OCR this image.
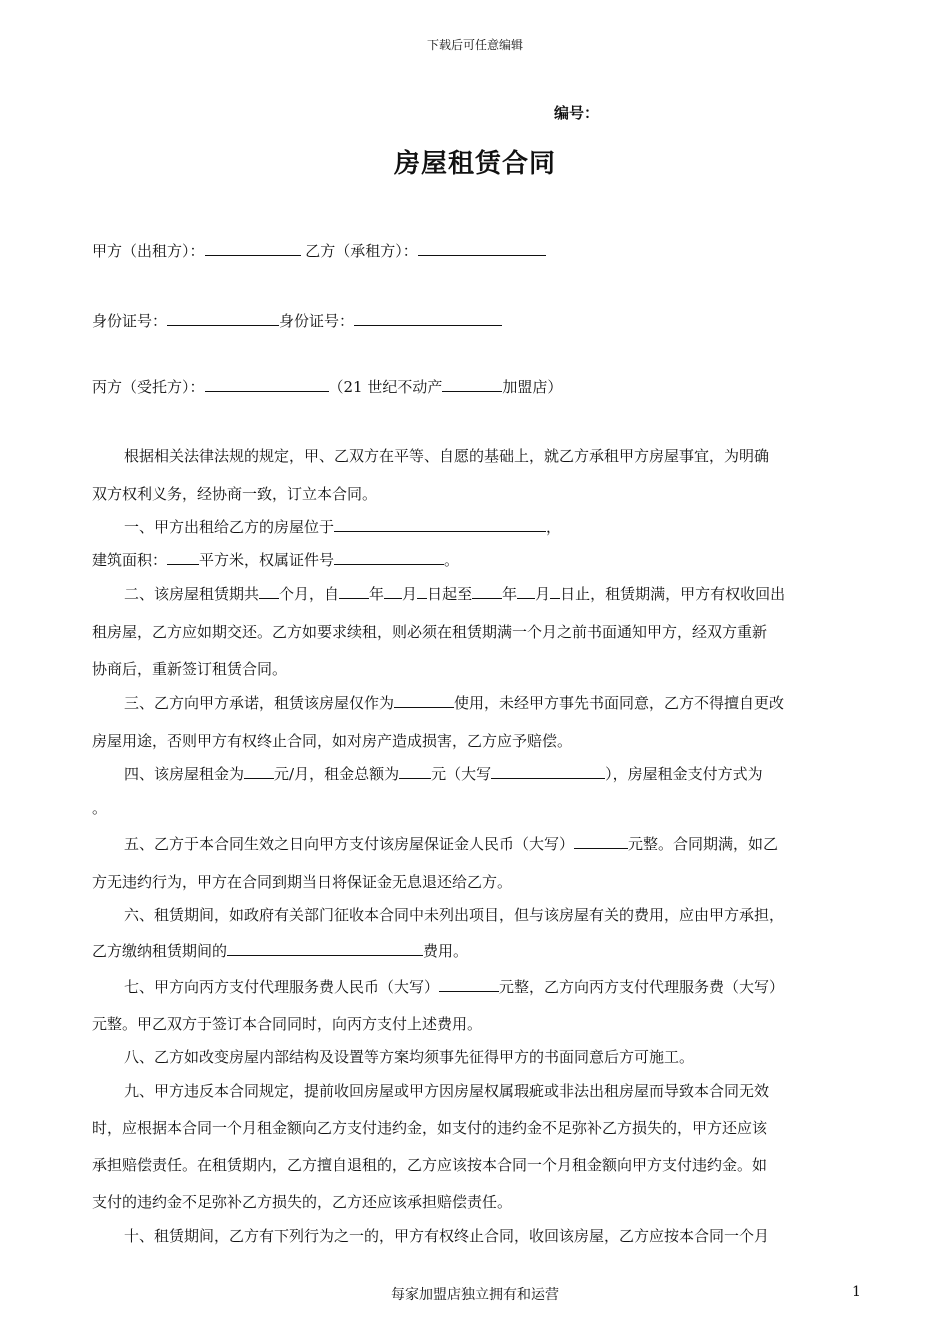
下载后可任意编辑
编号：
房屋租赁合同
甲方（出租方）：	乙方（承租方）：
身份证号：	身份证号：
丙方（受托方）：	（21 世纪不动产	加盟店）
根据相关法律法规的规定，甲、乙双方在平等、自愿的基础上，就乙方承租甲方房屋事宜，为明确
双方权利义务，经协商一致，订立本合同。
一、甲方出租给乙方的房屋位于	，
建筑面积： 平方米，权属证件号	。
二、该房屋租赁期共 个月，自 年 月 日起至 年 月 日止，租赁期满，甲方有权收回出
租房屋，乙方应如期交还。乙方如要求续租，则必须在租赁期满一个月之前书面通知甲方，经双方重新
协商后，重新签订租赁合同。
三、乙方向甲方承诺，租赁该房屋仅作为	使用，未经甲方事先书面同意，乙方不得擅自更改
房屋用途，否则甲方有权终止合同，如对房产造成损害，乙方应予赔偿。
四、该房屋租金为 元/月，租金总额为 元（大写	），房屋租金支付方式为
。
五、乙方于本合同生效之日向甲方支付该房屋保证金人民币（大写）	元整。合同期满，如乙
方无违约行为，甲方在合同到期当日将保证金无息退还给乙方。
六、租赁期间，如政府有关部门征收本合同中未列出项目，但与该房屋有关的费用，应由甲方承担，
乙方缴纳租赁期间的	费用。
七、甲方向丙方支付代理服务费人民币（大写）	元整，乙方向丙方支付代理服务费（大写）
元整。甲乙双方于签订本合同同时，向丙方支付上述费用。
八、乙方如改变房屋内部结构及设置等方案均须事先征得甲方的书面同意后方可施工。
九、甲方违反本合同规定，提前收回房屋或甲方因房屋权属瑕疵或非法出租房屋而导致本合同无效
时，应根据本合同一个月租金额向乙方支付违约金，如支付的违约金不足弥补乙方损失的，甲方还应该
承担赔偿责任。在租赁期内，乙方擅自退租的，乙方应该按本合同一个月租金额向甲方支付违约金。如
支付的违约金不足弥补乙方损失的，乙方还应该承担赔偿责任。
十、租赁期间，乙方有下列行为之一的，甲方有权终止合同，收回该房屋，乙方应按本合同一个月
每家加盟店独立拥有和运营	1
